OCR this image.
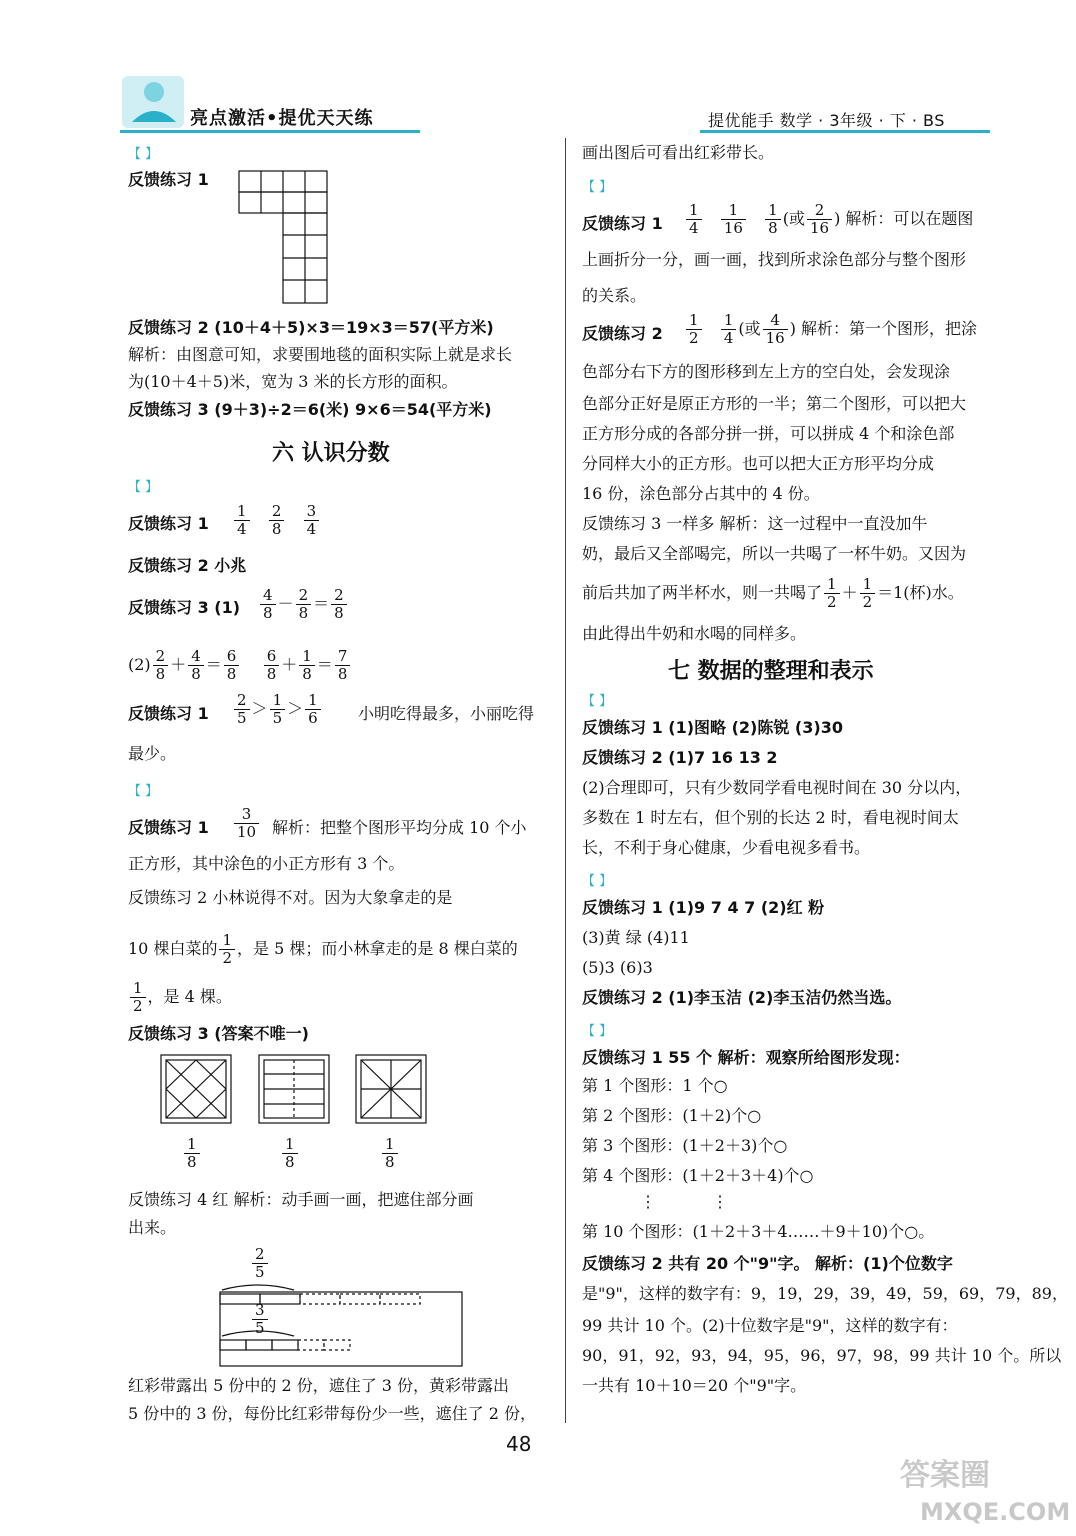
亮点激活•提优天天练	提优能手 数学 · 3年级 · 下 · BS
【 】
反馈练习 1
反馈练习 2 (10＋4＋5)×3＝19×3＝57(平方米)
解析：由图意可知，求要围地毯的面积实际上就是求长
为(10＋4＋5)米，宽为 3 米的长方形的面积。
反馈练习 3 (9＋3)÷2＝6(米) 9×6＝54(平方米)
六 认识分数
【 】
反馈练习 $1 \frac{1}{4}$
$\frac{2}{8}$
$\frac{3}{4}$
反馈练习 2 小兆
反馈练习 3 $(1) \frac{4}{8} - \frac{2}{8} = \frac{2}{8}$
$(2) \frac{2}{8} + \frac{4}{8} = \frac{6}{8}$
$\frac{6}{8} + \frac{1}{8} = \frac{7}{8}$
反馈练习 $1 \frac{2}{5} > \frac{1}{5} > \frac{1}{6}$ 小明吃得最多，小丽吃得
最少。
【 】
反馈练习 $1 \frac{3}{10}$ 解析：把整个图形平均分成 10 个小
正方形，其中涂色的小正方形有 3 个。
反馈练习 2 小林说得不对。因为大象拿走的是
10 棵白菜的 $\frac{1}{2}$ ，是 5 棵；而小林拿走的是 8 棵白菜的
$\frac{1}{2}$ ，是 4 棵。
反馈练习 3 (答案不唯一)
$\frac{1}{8}$	$\frac{1}{8}$	$\frac{1}{8}$
反馈练习 4 红 解析：动手画一画，把遮住部分画
出来。
$\frac{2}{5}$
$\frac{3}{5}$
红彩带露出 5 份中的 2 份，遮住了 3 份，黄彩带露出
5 份中的 3 份，每份比红彩带每份少一些，遮住了 2 份，
画出图后可看出红彩带长。
【 】
反馈练习 $1 \frac{1}{4}$
$\frac{1}{16}$
$\frac{1}{8}$ (或 $\frac{2}{16}$ ) 解析：可以在题图
上画折分一分，画一画，找到所求涂色部分与整个图形
的关系。
反馈练习 $2 \frac{1}{2}$
$\frac{1}{4}$ (或 $\frac{4}{16}$ ) 解析：第一个图形，把涂
色部分右下方的图形移到左上方的空白处，会发现涂
色部分正好是原正方形的一半；第二个图形，可以把大
正方形分成的各部分拼一拼，可以拼成 4 个和涂色部
分同样大小的正方形。也可以把大正方形平均分成
16 份，涂色部分占其中的 4 份。
反馈练习 3 一样多 解析：这一过程中一直没加牛
奶，最后又全部喝完，所以一共喝了一杯牛奶。又因为
前后共加了两半杯水，则一共喝了 $\frac{1}{2} + \frac{1}{2} =1$(杯)水。
由此得出牛奶和水喝的同样多。
七 数据的整理和表示
【 】
反馈练习 1 (1)图略 (2)陈锐 (3)30
反馈练习 2 (1)7 16 13 2
(2)合理即可，只有少数同学看电视时间在 30 分以内，
多数在 1 时左右，但个别的长达 2 时，看电视时间太
长，不利于身心健康，少看电视多看书。
【 】
反馈练习 1 (1)9 7 4 7 (2)红 粉
(3)黄 绿 (4)11
(5)3 (6)3
反馈练习 2 (1)李玉洁 (2)李玉洁仍然当选。
【 】
反馈练习 1 55 个 解析：观察所给图形发现：
第 1 个图形：1 个○
第 2 个图形：(1＋2)个○
第 3 个图形：(1＋2＋3)个○
第 4 个图形：(1＋2＋3＋4)个○
⋮	⋮
第 10 个图形：(1＋2＋3＋4……＋9＋10)个○。
反馈练习 2 共有 20 个"9"字。 解析：(1)个位数字
是"9"，这样的数字有：9，19，29，39，49，59，69，79，89，
99 共计 10 个。(2)十位数字是"9"，这样的数字有：
90，91，92，93，94，95，96，97，98，99 共计 10 个。所以
一共有 10＋10＝20 个"9"字。
48
答案圈
MXQE.COM
